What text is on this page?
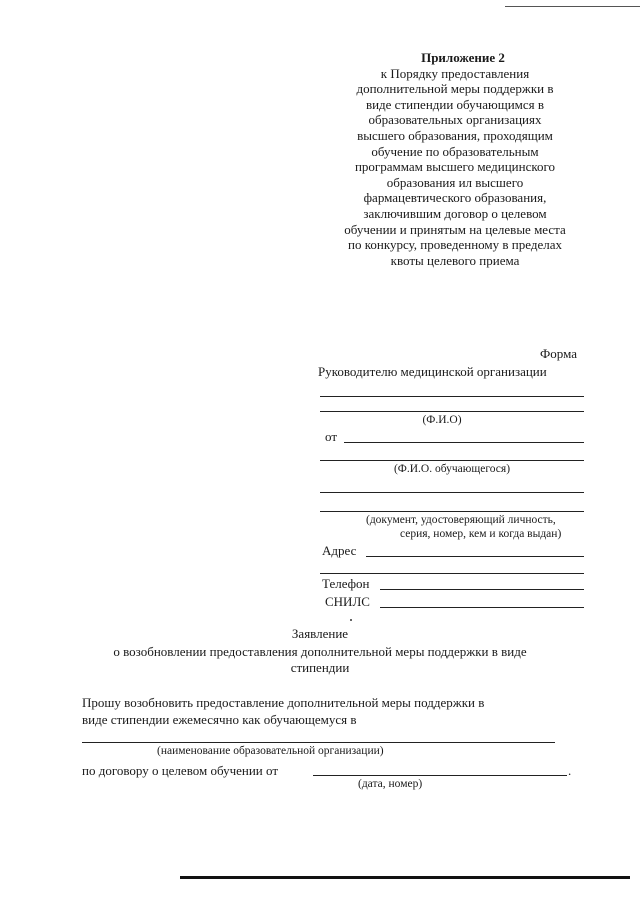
Приложение 2
к Порядку предоставления
дополнительной меры поддержки в
виде стипендии обучающимся в
образовательных организациях
высшего образования, проходящим
обучение по образовательным
программам высшего медицинского
образования ил высшего
фармацевтического образования,
заключившим договор о целевом
обучении и принятым на целевые места
по конкурсу, проведенному в пределах
квоты целевого приема
Форма
Руководителю медицинской организации
(Ф.И.О)
от
(Ф.И.О. обучающегося)
(документ, удостоверяющий личность,
серия, номер, кем и когда выдан)
Адрес
Телефон
СНИЛС
Заявление
о возобновлении предоставления дополнительной меры поддержки в виде
стипендии
Прошу возобновить предоставление дополнительной меры поддержки в
виде стипендии ежемесячно как обучающемуся в
(наименование образовательной организации)
по договору о целевом обучении от	.
(дата, номер)
